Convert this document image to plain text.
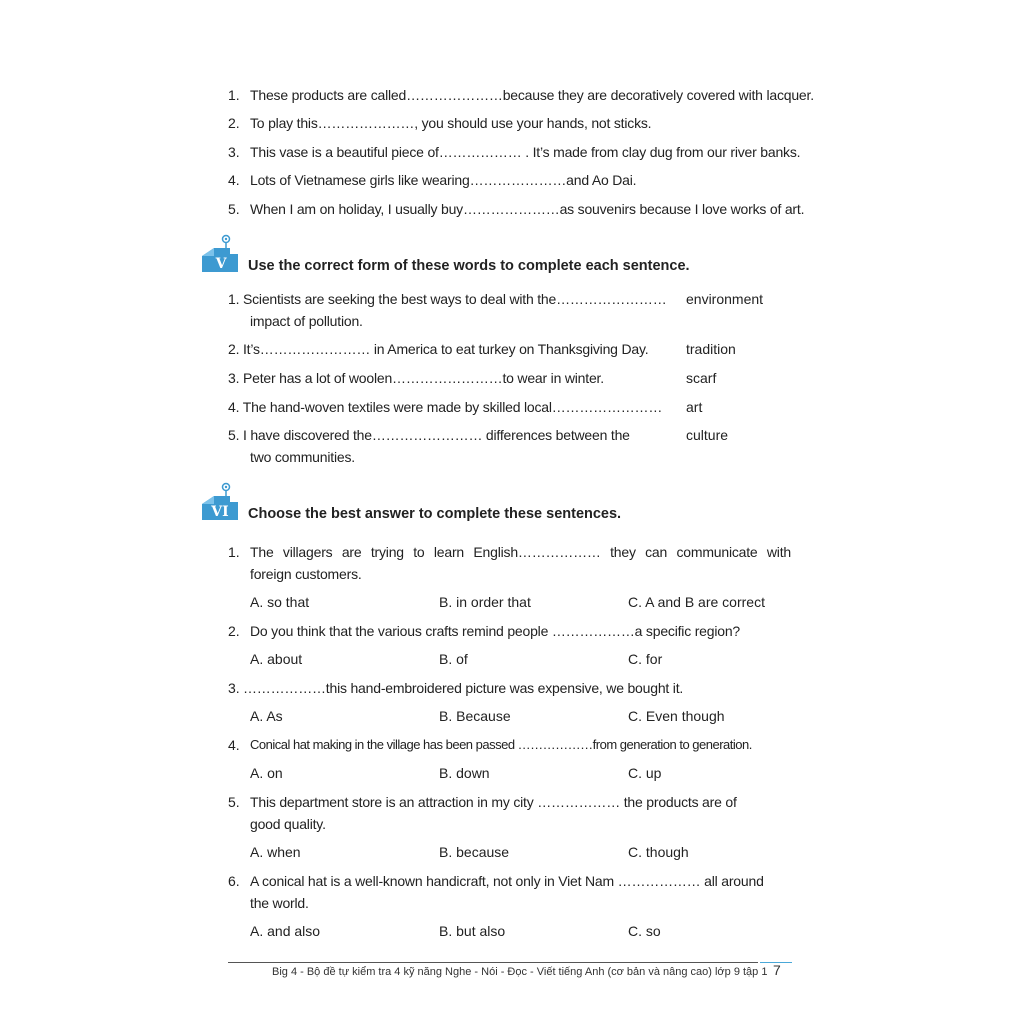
1. These products are called…………………because they are decoratively covered with lacquer.
2. To play this…………………, you should use your hands, not sticks.
3. This vase is a beautiful piece of……………… . It’s made from clay dug from our river banks.
4. Lots of Vietnamese girls like wearing…………………and Ao Dai.
5. When I am on holiday, I usually buy…………………as souvenirs because I love works of art.
V Use the correct form of these words to complete each sentence.
1. Scientists are seeking the best ways to deal with the……………………
impact of pollution.
environment
2. It’s…………………… in America to eat turkey on Thanksgiving Day.	tradition
3. Peter has a lot of woolen……………………to wear in winter.	scarf
4. The hand-woven textiles were made by skilled local…………………… art
5. I have discovered the…………………… differences between the
two communities.
culture
VI	Choose the best answer to complete these sentences.
1. The villagers are trying to learn English……………… they can communicate with
foreign customers.
A. so that	B. in order that	C. A and B are correct
2. Do you think that the various crafts remind people ………………a specific region?
A. about	B. of	C. for
3. ………………this hand-embroidered picture was expensive, we bought it.
A. As	B. Because	C. Even though
4. Conical hat making in the village has been passed ………………from generation to generation.
A. on	B. down	C. up
5. This department store is an attraction in my city ……………… the products are of
good quality.
A. when	B. because	C. though
6. A conical hat is a well-known handicraft, not only in Viet Nam ……………… all around
the world.
A. and also	B. but also	C. so
Big 4 - Bộ đề tự kiểm tra 4 kỹ năng Nghe - Nói - Đọc - Viết tiếng Anh (cơ bản và nâng cao) lớp 9 tập 1 7
